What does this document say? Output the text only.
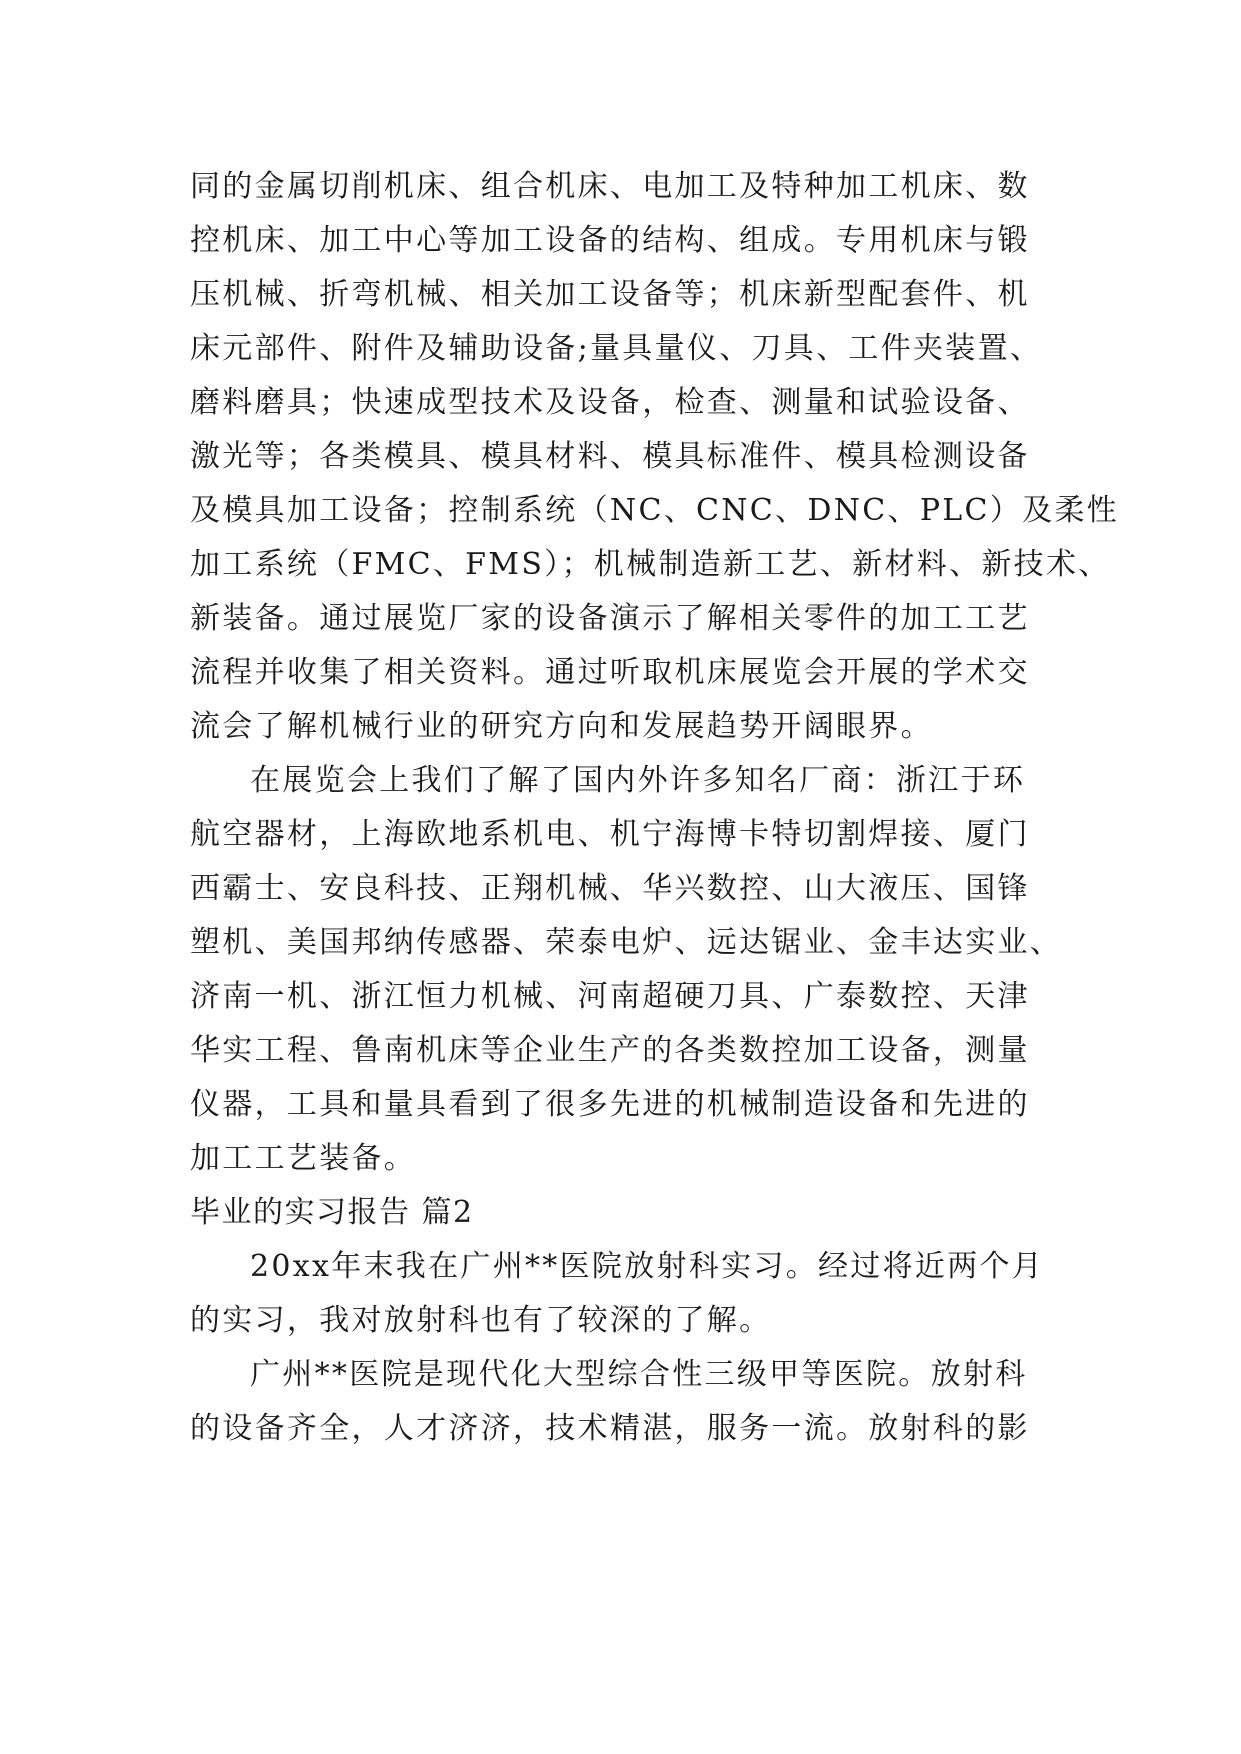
同的金属切削机床、组合机床、电加工及特种加工机床、数
控机床、加工中心等加工设备的结构、组成。专用机床与锻
压机械、折弯机械、相关加工设备等；机床新型配套件、机
床元部件、附件及辅助设备;量具量仪、刀具、工件夹装置、
磨料磨具；快速成型技术及设备，检查、测量和试验设备、
激光等；各类模具、模具材料、模具标准件、模具检测设备
及模具加工设备；控制系统（NC、CNC、DNC、PLC）及柔性
加工系统（FMC、FMS）；机械制造新工艺、新材料、新技术、
新装备。通过展览厂家的设备演示了解相关零件的加工工艺
流程并收集了相关资料。通过听取机床展览会开展的学术交
流会了解机械行业的研究方向和发展趋势开阔眼界。
在展览会上我们了解了国内外许多知名厂商：浙江于环
航空器材，上海欧地系机电、机宁海博卡特切割焊接、厦门
西霸士、安良科技、正翔机械、华兴数控、山大液压、国锋
塑机、美国邦纳传感器、荣泰电炉、远达锯业、金丰达实业、
济南一机、浙江恒力机械、河南超硬刀具、广泰数控、天津
华实工程、鲁南机床等企业生产的各类数控加工设备，测量
仪器，工具和量具看到了很多先进的机械制造设备和先进的
加工工艺装备。
毕业的实习报告 篇2
20xx年末我在广州**医院放射科实习。经过将近两个月
的实习，我对放射科也有了较深的了解。
广州**医院是现代化大型综合性三级甲等医院。放射科
的设备齐全，人才济济，技术精湛，服务一流。放射科的影
